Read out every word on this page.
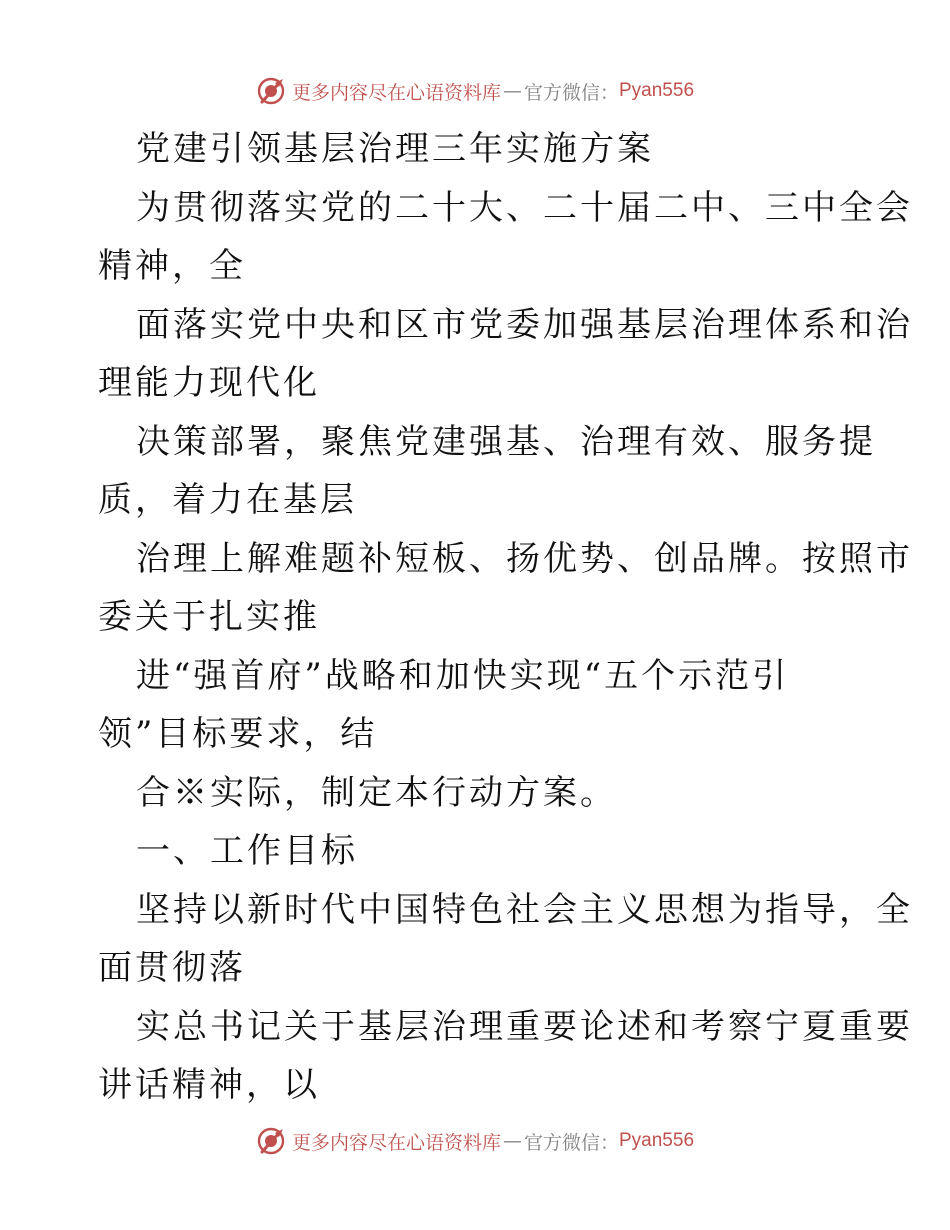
更多内容尽在心语资料库 — 官方微信： Pyan556
党建引领基层治理三年实施方案
为贯彻落实党的二十大、二十届二中、三中全会
精神，全
面落实党中央和区市党委加强基层治理体系和治
理能力现代化
决策部署，聚焦党建强基、治理有效、服务提
质，着力在基层
治理上解难题补短板、扬优势、创品牌。按照市
委关于扎实推
进“强首府”战略和加快实现“五个示范引
领”目标要求，结
合※实际，制定本行动方案。
一、工作目标
坚持以新时代中国特色社会主义思想为指导，全
面贯彻落
实总书记关于基层治理重要论述和考察宁夏重要
讲话精神，以
更多内容尽在心语资料库 — 官方微信： Pyan556
